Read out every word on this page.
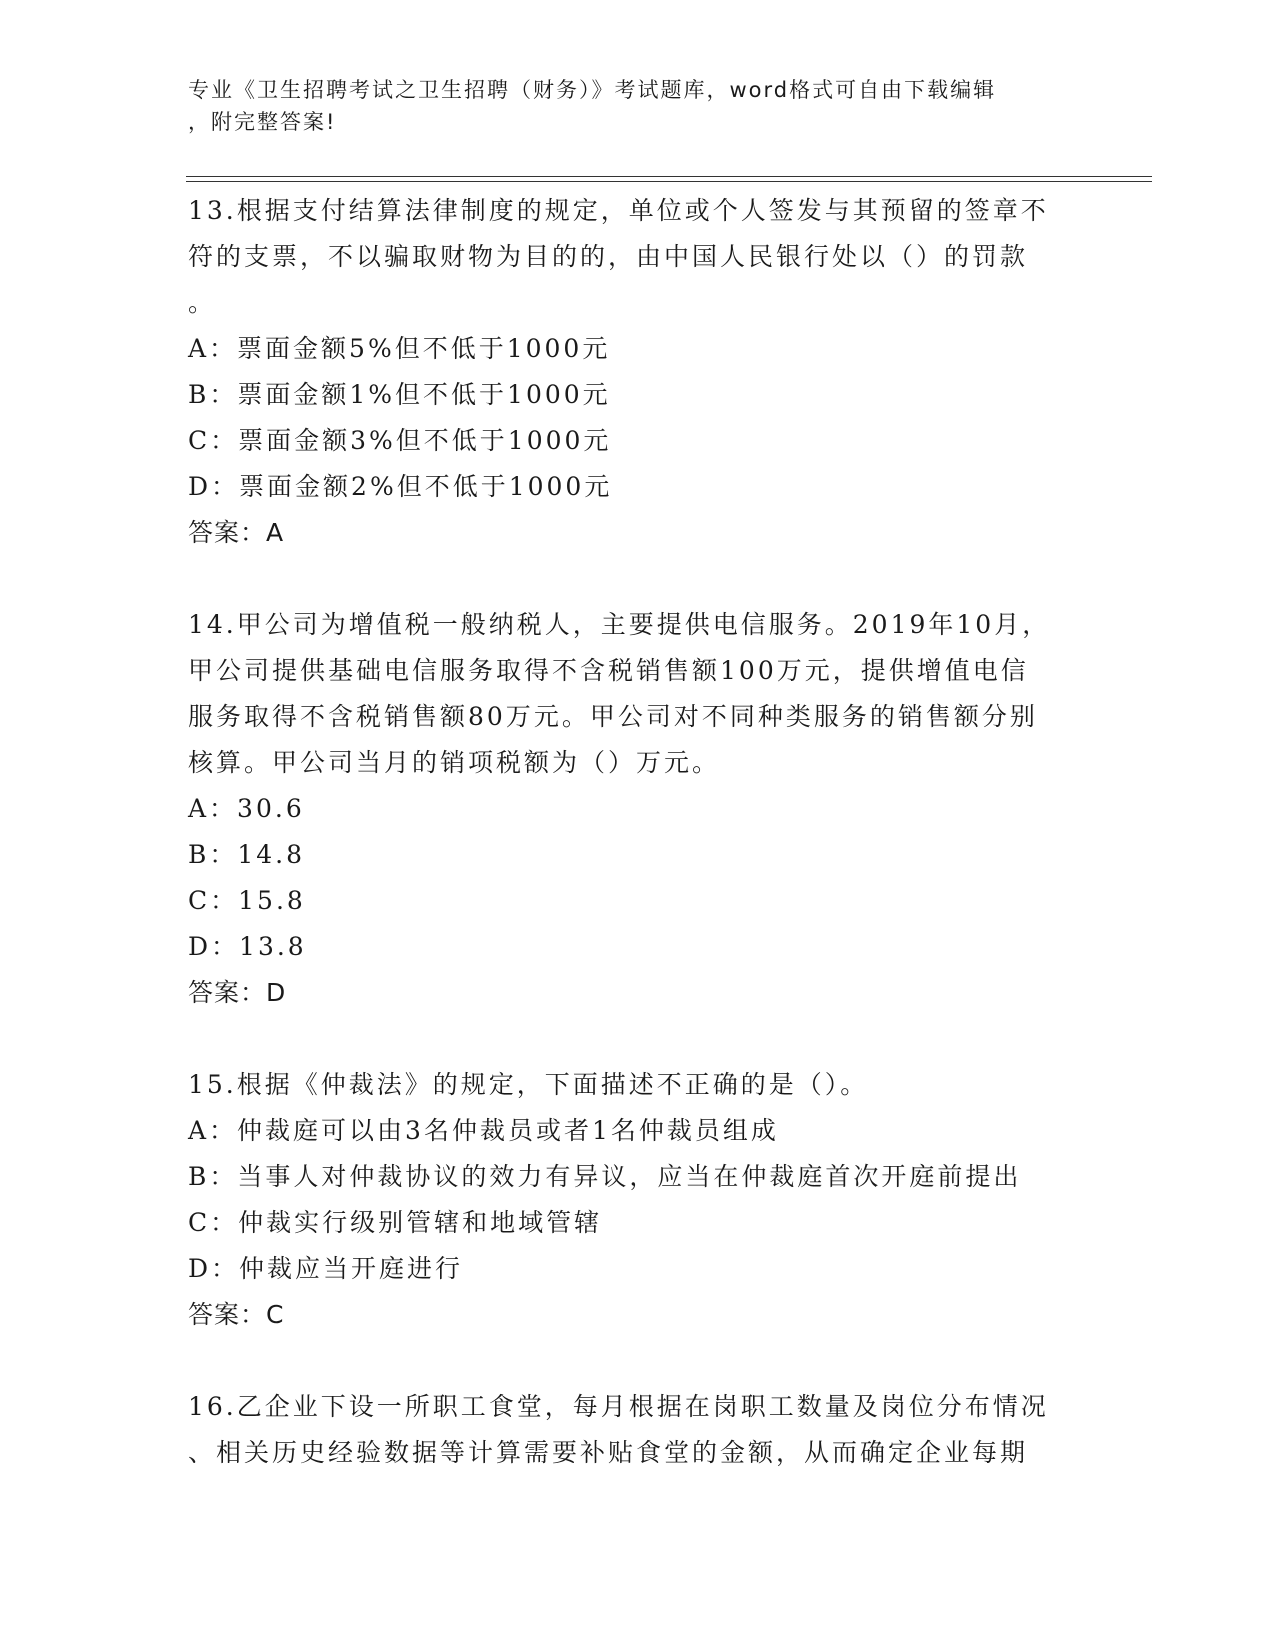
专业《卫生招聘考试之卫生招聘（财务）》考试题库，word格式可自由下载编辑
，附完整答案!
13.根据支付结算法律制度的规定，单位或个人签发与其预留的签章不
符的支票，不以骗取财物为目的的，由中国人民银行处以（）的罚款
。
A：票面金额5%但不低于1000元
B：票面金额1%但不低于1000元
C：票面金额3%但不低于1000元
D：票面金额2%但不低于1000元
答案：A
14.甲公司为增值税一般纳税人，主要提供电信服务。2019年10月，
甲公司提供基础电信服务取得不含税销售额100万元，提供增值电信
服务取得不含税销售额80万元。甲公司对不同种类服务的销售额分别
核算。甲公司当月的销项税额为（）万元。
A：30.6
B：14.8
C：15.8
D：13.8
答案：D
15.根据《仲裁法》的规定，下面描述不正确的是（）。
A：仲裁庭可以由3名仲裁员或者1名仲裁员组成
B：当事人对仲裁协议的效力有异议，应当在仲裁庭首次开庭前提出
C：仲裁实行级别管辖和地域管辖
D：仲裁应当开庭进行
答案：C
16.乙企业下设一所职工食堂，每月根据在岗职工数量及岗位分布情况
、相关历史经验数据等计算需要补贴食堂的金额，从而确定企业每期
